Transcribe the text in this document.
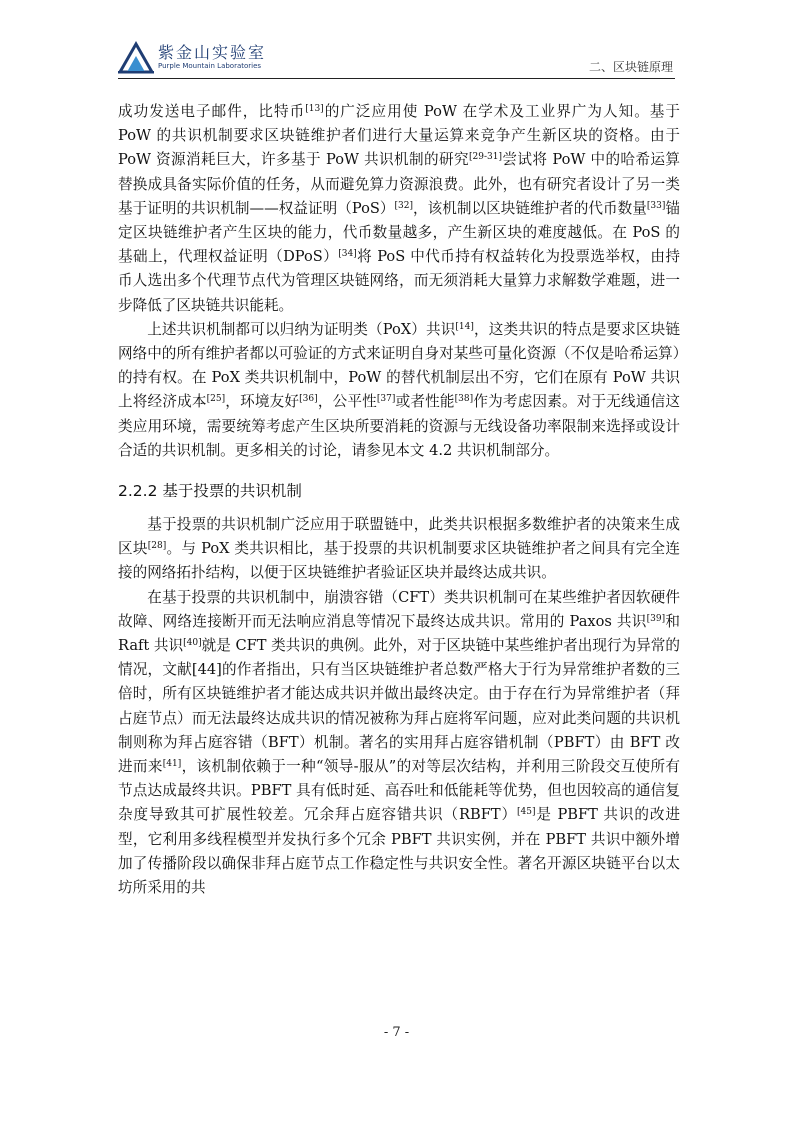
紫金山实验室
Purple Mountain Laboratories	二、区块链原理

成功发送电子邮件，比特币[13]的广泛应用使 PoW 在学术及工业界广为人知。基于 PoW 的共识机制要求区块链维护者们进行大量运算来竞争产生新区块的资格。由于 PoW 资源消耗巨大，许多基于 PoW 共识机制的研究[29-31]尝试将 PoW 中的哈希运算替换成具备实际价值的任务，从而避免算力资源浪费。此外，也有研究者设计了另一类基于证明的共识机制——权益证明（PoS）[32]，该机制以区块链维护者的代币数量[33]锚定区块链维护者产生区块的能力，代币数量越多，产生新区块的难度越低。在 PoS 的基础上，代理权益证明（DPoS）[34]将 PoS 中代币持有权益转化为投票选举权，由持币人选出多个代理节点代为管理区块链网络，而无须消耗大量算力求解数学难题，进一步降低了区块链共识能耗。

上述共识机制都可以归纳为证明类（PoX）共识[14]，这类共识的特点是要求区块链网络中的所有维护者都以可验证的方式来证明自身对某些可量化资源（不仅是哈希运算）的持有权。在 PoX 类共识机制中，PoW 的替代机制层出不穷，它们在原有 PoW 共识上将经济成本[25]，环境友好[36]，公平性[37]或者性能[38]作为考虑因素。对于无线通信这类应用环境，需要统筹考虑产生区块所要消耗的资源与无线设备功率限制来选择或设计合适的共识机制。更多相关的讨论，请参见本文 4.2 共识机制部分。

2.2.2 基于投票的共识机制

基于投票的共识机制广泛应用于联盟链中，此类共识根据多数维护者的决策来生成区块[28]。与 PoX 类共识相比，基于投票的共识机制要求区块链维护者之间具有完全连接的网络拓扑结构，以便于区块链维护者验证区块并最终达成共识。

在基于投票的共识机制中，崩溃容错（CFT）类共识机制可在某些维护者因软硬件故障、网络连接断开而无法响应消息等情况下最终达成共识。常用的 Paxos 共识[39]和 Raft 共识[40]就是 CFT 类共识的典例。此外，对于区块链中某些维护者出现行为异常的情况，文献[44]的作者指出，只有当区块链维护者总数严格大于行为异常维护者数的三倍时，所有区块链维护者才能达成共识并做出最终决定。由于存在行为异常维护者（拜占庭节点）而无法最终达成共识的情况被称为拜占庭将军问题，应对此类问题的共识机制则称为拜占庭容错（BFT）机制。著名的实用拜占庭容错机制（PBFT）由 BFT 改进而来[41]，该机制依赖于一种“领导-服从”的对等层次结构，并利用三阶段交互使所有节点达成最终共识。PBFT 具有低时延、高吞吐和低能耗等优势，但也因较高的通信复杂度导致其可扩展性较差。冗余拜占庭容错共识（RBFT）[45]是 PBFT 共识的改进型，它利用多线程模型并发执行多个冗余 PBFT 共识实例，并在 PBFT 共识中额外增加了传播阶段以确保非拜占庭节点工作稳定性与共识安全性。著名开源区块链平台以太坊所采用的共

- 7 -
